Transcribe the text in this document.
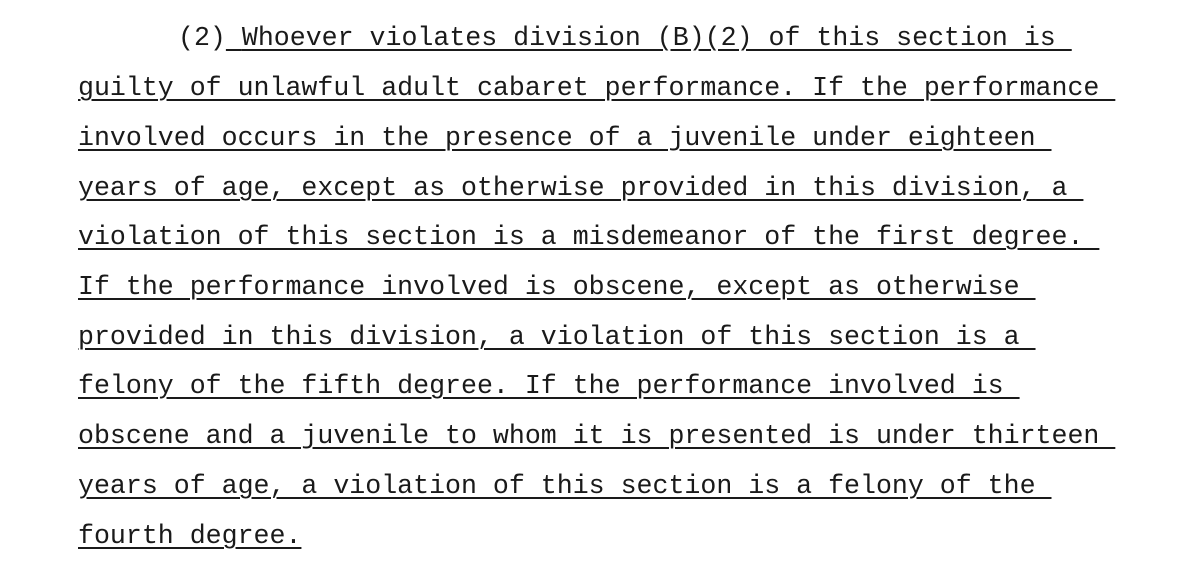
(2) Whoever violates division (B)(2) of this section is
guilty of unlawful adult cabaret performance. If the performance
involved occurs in the presence of a juvenile under eighteen
years of age, except as otherwise provided in this division, a
violation of this section is a misdemeanor of the first degree.
If the performance involved is obscene, except as otherwise
provided in this division, a violation of this section is a
felony of the fifth degree. If the performance involved is
obscene and a juvenile to whom it is presented is under thirteen
years of age, a violation of this section is a felony of the
fourth degree.
